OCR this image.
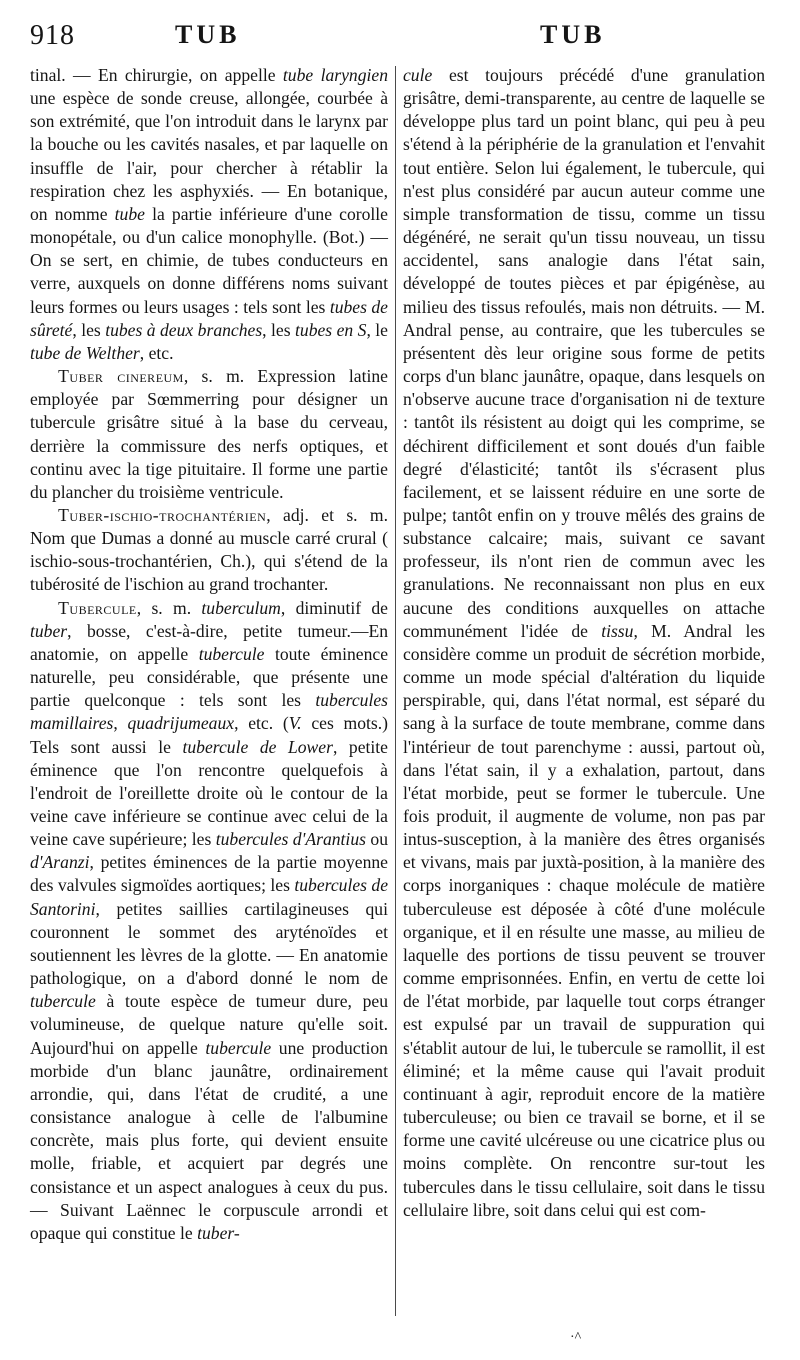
918	TUB	TUB

tinal. — En chirurgie, on appelle tube laryngien une espèce de sonde creuse, allongée, courbée à son extrémité, que l'on introduit dans le larynx par la bouche ou les cavités nasales, et par laquelle on insuffle de l'air, pour chercher à rétablir la respiration chez les asphyxiés. — En botanique, on nomme tube la partie inférieure d'une corolle monopétale, ou d'un calice monophylle. (Bot.) — On se sert, en chimie, de tubes conducteurs en verre, auxquels on donne différens noms suivant leurs formes ou leurs usages : tels sont les tubes de sûreté, les tubes à deux branches, les tubes en S, le tube de Welther, etc.

Tuber cinereum, s. m. Expression latine employée par Sœmmerring pour désigner un tubercule grisâtre situé à la base du cerveau, derrière la commissure des nerfs optiques, et continu avec la tige pituitaire. Il forme une partie du plancher du troisième ventricule.

Tuber-ischio-trochantérien, adj. et s. m. Nom que Dumas a donné au muscle carré crural ( ischio-sous-trochantérien, Ch.), qui s'étend de la tubérosité de l'ischion au grand trochanter.

Tubercule, s. m. tuberculum, diminutif de tuber, bosse, c'est-à-dire, petite tumeur.—En anatomie, on appelle tubercule toute éminence naturelle, peu considérable, que présente une partie quelconque : tels sont les tubercules mamillaires, quadrijumeaux, etc. (V. ces mots.) Tels sont aussi le tubercule de Lower, petite éminence que l'on rencontre quelquefois à l'endroit de l'oreillette droite où le contour de la veine cave inférieure se continue avec celui de la veine cave supérieure; les tubercules d'Arantius ou d'Aranzi, petites éminences de la partie moyenne des valvules sigmoïdes aortiques; les tubercules de Santorini, petites saillies cartilagineuses qui couronnent le sommet des aryténoïdes et soutiennent les lèvres de la glotte. — En anatomie pathologique, on a d'abord donné le nom de tubercule à toute espèce de tumeur dure, peu volumineuse, de quelque nature qu'elle soit. Aujourd'hui on appelle tubercule une production morbide d'un blanc jaunâtre, ordinairement arrondie, qui, dans l'état de crudité, a une consistance analogue à celle de l'albumine concrète, mais plus forte, qui devient ensuite molle, friable, et acquiert par degrés une consistance et un aspect analogues à ceux du pus. — Suivant Laënnec le corpuscule arrondi et opaque qui constitue le tuber-

cule est toujours précédé d'une granulation grisâtre, demi-transparente, au centre de laquelle se développe plus tard un point blanc, qui peu à peu s'étend à la périphérie de la granulation et l'envahit tout entière. Selon lui également, le tubercule, qui n'est plus considéré par aucun auteur comme une simple transformation de tissu, comme un tissu dégénéré, ne serait qu'un tissu nouveau, un tissu accidentel, sans analogie dans l'état sain, développé de toutes pièces et par épigénèse, au milieu des tissus refoulés, mais non détruits. — M. Andral pense, au contraire, que les tubercules se présentent dès leur origine sous forme de petits corps d'un blanc jaunâtre, opaque, dans lesquels on n'observe aucune trace d'organisation ni de texture : tantôt ils résistent au doigt qui les comprime, se déchirent difficilement et sont doués d'un faible degré d'élasticité; tantôt ils s'écrasent plus facilement, et se laissent réduire en une sorte de pulpe; tantôt enfin on y trouve mêlés des grains de substance calcaire; mais, suivant ce savant professeur, ils n'ont rien de commun avec les granulations. Ne reconnaissant non plus en eux aucune des conditions auxquelles on attache communément l'idée de tissu, M. Andral les considère comme un produit de sécrétion morbide, comme un mode spécial d'altération du liquide perspirable, qui, dans l'état normal, est séparé du sang à la surface de toute membrane, comme dans l'intérieur de tout parenchyme : aussi, partout où, dans l'état sain, il y a exhalation, partout, dans l'état morbide, peut se former le tubercule. Une fois produit, il augmente de volume, non pas par intus-susception, à la manière des êtres organisés et vivans, mais par juxtà-position, à la manière des corps inorganiques : chaque molécule de matière tuberculeuse est déposée à côté d'une molécule organique, et il en résulte une masse, au milieu de laquelle des portions de tissu peuvent se trouver comme emprisonnées. Enfin, en vertu de cette loi de l'état morbide, par laquelle tout corps étranger est expulsé par un travail de suppuration qui s'établit autour de lui, le tubercule se ramollit, il est éliminé; et la même cause qui l'avait produit continuant à agir, reproduit encore de la matière tuberculeuse; ou bien ce travail se borne, et il se forme une cavité ulcéreuse ou une cicatrice plus ou moins complète. On rencontre sur-tout les tubercules dans le tissu cellulaire, soit dans le tissu cellulaire libre, soit dans celui qui est com-

·^
